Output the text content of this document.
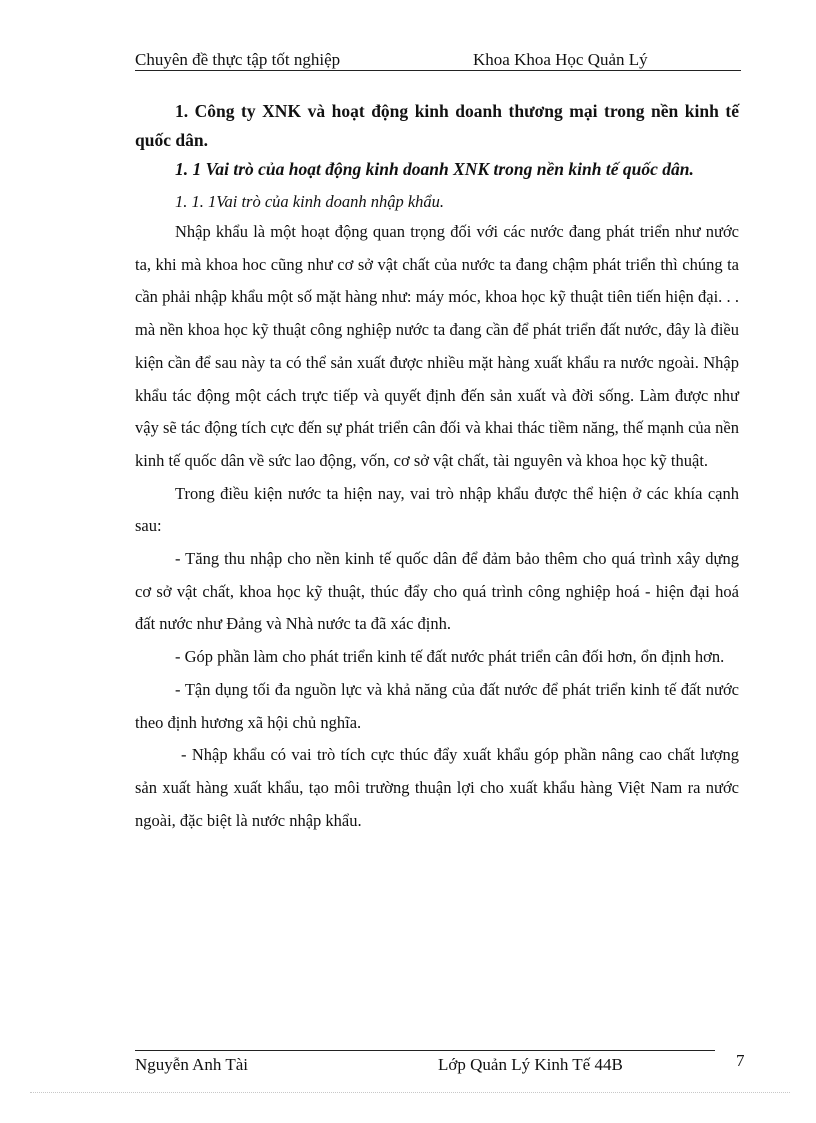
Chuyên đề thực tập tốt nghiệp	Khoa Khoa Học Quản Lý

1. Công ty XNK và hoạt động kinh doanh thương mại trong nền kinh tế quốc dân.

1. 1 Vai trò của hoạt động kinh doanh XNK trong nền kinh tế quốc dân.

1. 1. 1Vai trò của kinh doanh nhập khẩu.

Nhập khẩu là một hoạt động quan trọng đối với các nước đang phát triển như nước ta, khi mà khoa hoc cũng như cơ sở vật chất của nước ta đang chậm phát triển thì chúng ta cần phải nhập khẩu một số mặt hàng như: máy móc, khoa học kỹ thuật tiên tiến hiện đại. . . mà nền khoa học kỹ thuật công nghiệp nước ta đang cần để phát triển đất nước, đây là điều kiện cần để sau này ta có thể sản xuất được nhiều mặt hàng xuất khẩu ra nước ngoài. Nhập khẩu tác động một cách trực tiếp và quyết định đến sản xuất và đời sống. Làm được như vậy sẽ tác động tích cực đến sự phát triển cân đối và khai thác tiềm năng, thế mạnh của nền kinh tế quốc dân về sức lao động, vốn, cơ sở vật chất, tài nguyên và khoa học kỹ thuật.

Trong điều kiện nước ta hiện nay, vai trò nhập khẩu được thể hiện ở các khía cạnh sau:

- Tăng thu nhập cho nền kinh tế quốc dân để đảm bảo thêm cho quá trình xây dựng cơ sở vật chất, khoa học kỹ thuật, thúc đẩy cho quá trình công nghiệp hoá - hiện đại hoá đất nước như Đảng và Nhà nước ta đã xác định.

- Góp phần làm cho phát triển kinh tế đất nước phát triển cân đối hơn, ổn định hơn.

- Tận dụng tối đa nguồn lực và khả năng của đất nước để phát triển kinh tế đất nước theo định hương xã hội chủ nghĩa.

- Nhập khẩu có vai trò tích cực thúc đẩy xuất khẩu góp phần nâng cao chất lượng sản xuất hàng xuất khẩu, tạo môi trường thuận lợi cho xuất khẩu hàng Việt Nam ra nước ngoài, đặc biệt là nước nhập khẩu.

Nguyễn Anh Tài	Lớp Quản Lý Kinh Tế 44B	7
